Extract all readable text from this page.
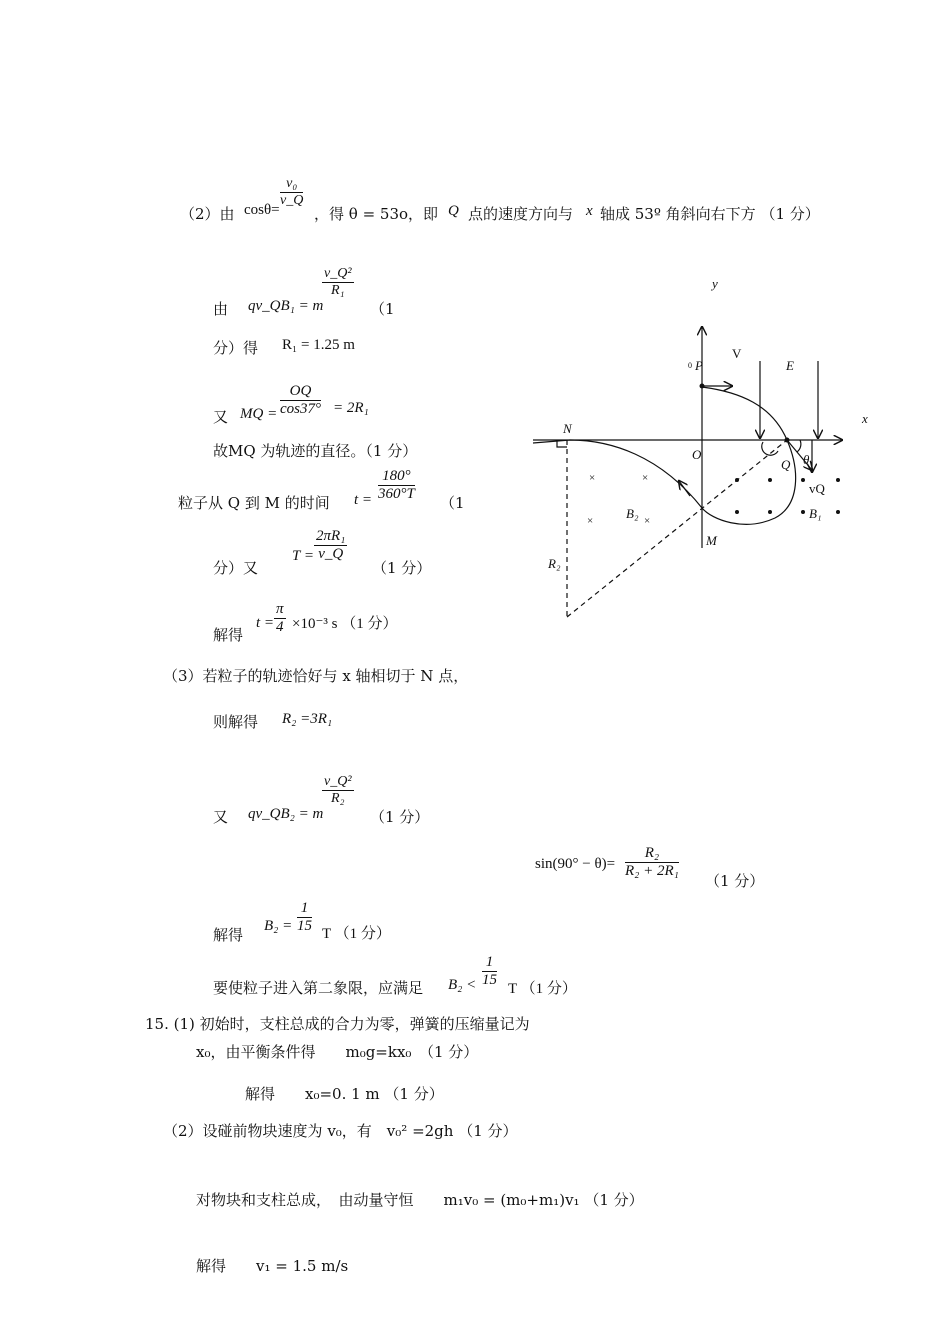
（2）由 cosθ=
$\frac{\text{v₀}}{v\_Q}$
，得 θ = 53o，即 Q 点的速度方向与 x 轴成 53º 角斜向右下方 （1 分）
由 qv_QB₁ = m
$\frac{\text{v\_Q²}}{\text{R₁}}$
（1
分）得 R₁ = 1.25 m
又 MQ = $\frac{OQ}{\cos 37^\circ} = 2R_1$
故MQ 为轨迹的直径。（1 分）
粒子从 Q 到 M 的时间 $t = \frac{180^\circ}{360^\circ T} (1$
分）又
$T = \frac{\text{2πR₁}}{v\_Q}$
（1 分）
解得
$t = \frac{\pi}{4} \times 10^{-3}$ s （1 分）
（3）若粒子的轨迹恰好与 x 轴相切于 N 点，
则解得 R₂ =3R₁
又 qv_QB₂ = m
$\frac{\text{v\_Q²}}{\text{R₂}}$
（1 分）
$\sin(90^\circ - \theta)= \frac{\text{R₂}}{\text{R₂ + 2R₁}}$
（1 分）
解得 $B_2 = \frac{1}{15}$ T （1 分）
要使粒子进入第二象限，应满足 $B_2 < \frac{1}{15}$ T （1 分）
15. (1) 初始时，支柱总成的合力为零，弹簧的压缩量记为
x₀，由平衡条件得　　m₀g=kx₀　（1 分）
解得　　x₀=0. 1 m （1 分）
（2）设碰前物块速度为 v₀，有　v₀² =2gh （1 分）
对物块和支柱总成，　由动量守恒　　m₁v₀ = (m₀+m₁)v₁ （1 分）
解得　　v₁ = 1.5 m/s
×	×
×	×
y
x
0 P
V
E
N
O
Q θ
vQ
B₁
B₂
M
R₂
